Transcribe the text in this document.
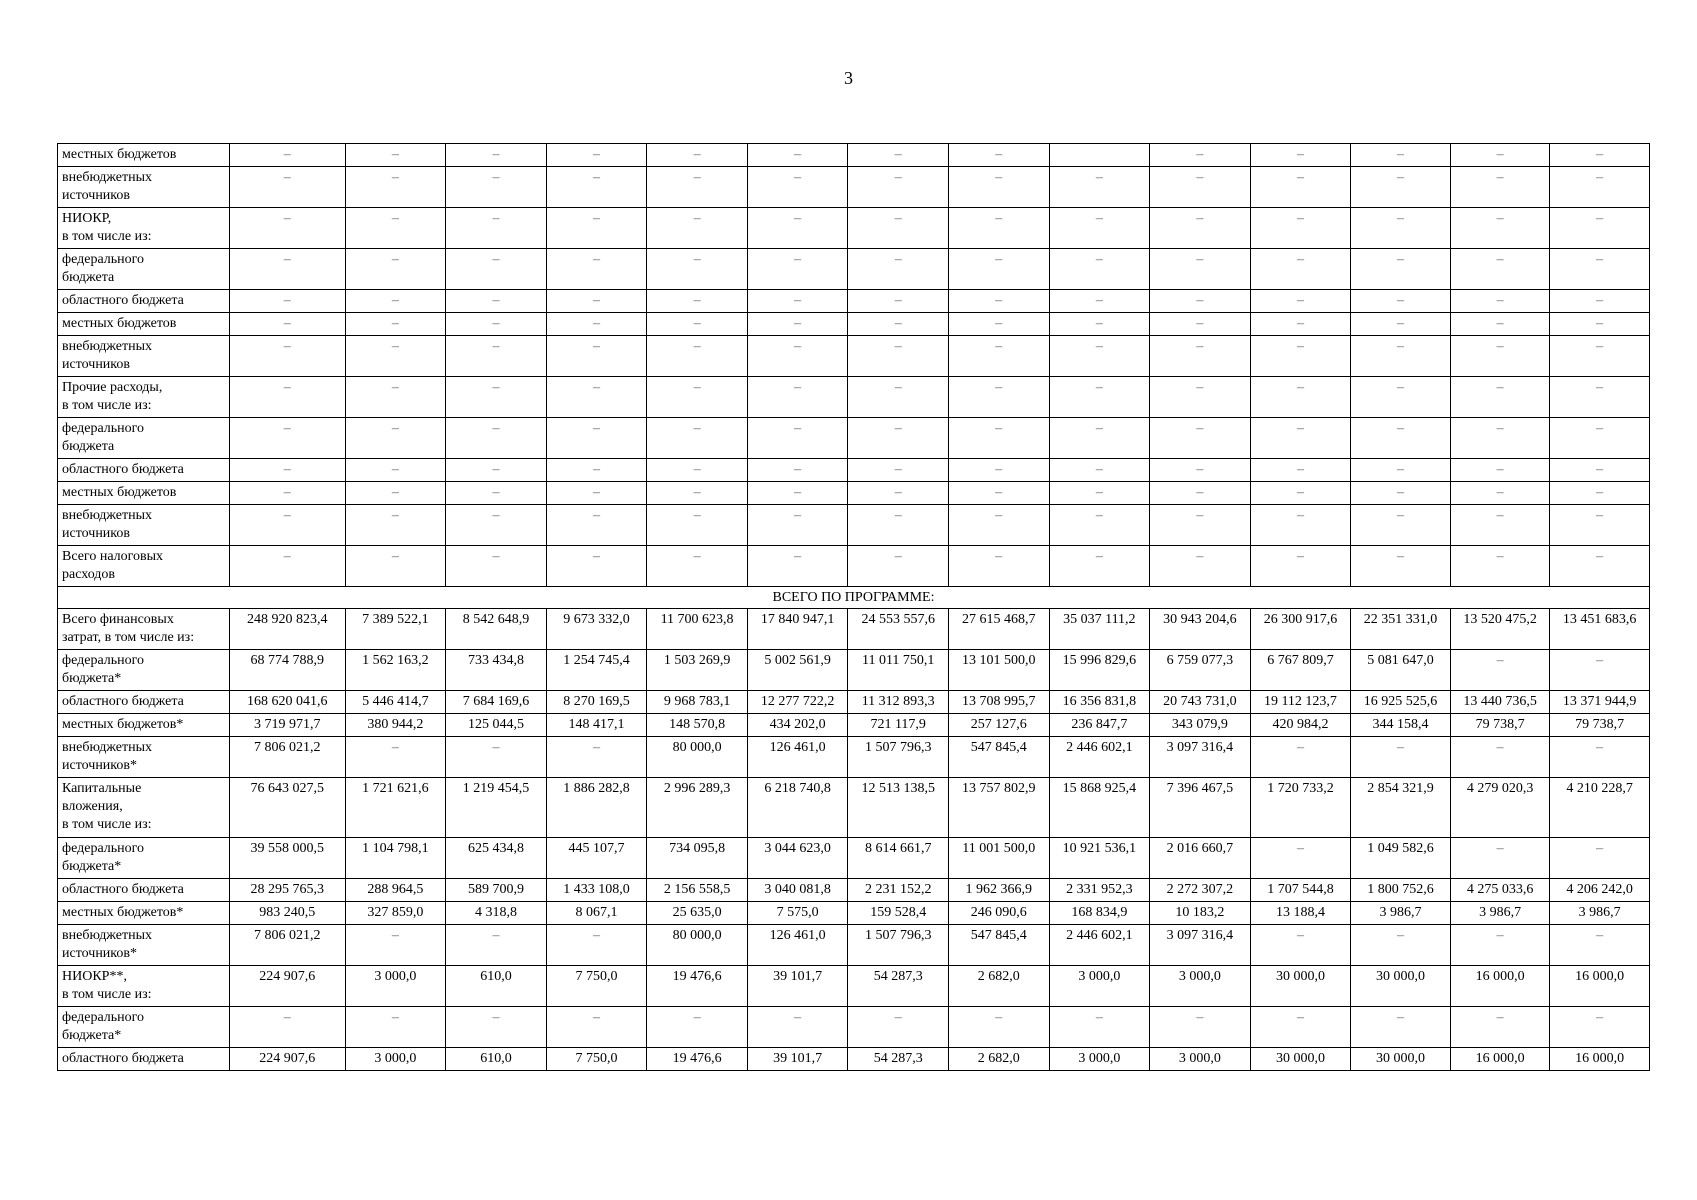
3
местных бюджетов	–	–	–	–	–	–	–	–		–	–	–	–	–
внебюджетных
источников	–	–	–	–	–	–	–	–	–	–	–	–	–	–
НИОКР,
в том числе из:	–	–	–	–	–	–	–	–	–	–	–	–	–	–
федерального
бюджета	–	–	–	–	–	–	–	–	–	–	–	–	–	–
областного бюджета	–	–	–	–	–	–	–	–	–	–	–	–	–	–
местных бюджетов	–	–	–	–	–	–	–	–	–	–	–	–	–	–
внебюджетных
источников	–	–	–	–	–	–	–	–	–	–	–	–	–	–
Прочие расходы,
в том числе из:	–	–	–	–	–	–	–	–	–	–	–	–	–	–
федерального
бюджета	–	–	–	–	–	–	–	–	–	–	–	–	–	–
областного бюджета	–	–	–	–	–	–	–	–	–	–	–	–	–	–
местных бюджетов	–	–	–	–	–	–	–	–	–	–	–	–	–	–
внебюджетных
источников	–	–	–	–	–	–	–	–	–	–	–	–	–	–
Всего налоговых
расходов	–	–	–	–	–	–	–	–	–	–	–	–	–	–
ВСЕГО ПО ПРОГРАММЕ:														
Всего финансовых
затрат, в том числе из:	248 920 823,4	7 389 522,1	8 542 648,9	9 673 332,0	11 700 623,8	17 840 947,1	24 553 557,6	27 615 468,7	35 037 111,2	30 943 204,6	26 300 917,6	22 351 331,0	13 520 475,2	13 451 683,6
федерального
бюджета*	68 774 788,9	1 562 163,2	733 434,8	1 254 745,4	1 503 269,9	5 002 561,9	11 011 750,1	13 101 500,0	15 996 829,6	6 759 077,3	6 767 809,7	5 081 647,0	–	–
областного бюджета	168 620 041,6	5 446 414,7	7 684 169,6	8 270 169,5	9 968 783,1	12 277 722,2	11 312 893,3	13 708 995,7	16 356 831,8	20 743 731,0	19 112 123,7	16 925 525,6	13 440 736,5	13 371 944,9
местных бюджетов*	3 719 971,7	380 944,2	125 044,5	148 417,1	148 570,8	434 202,0	721 117,9	257 127,6	236 847,7	343 079,9	420 984,2	344 158,4	79 738,7	79 738,7
внебюджетных
источников*	7 806 021,2	–	–	–	80 000,0	126 461,0	1 507 796,3	547 845,4	2 446 602,1	3 097 316,4	–	–	–	–
Капитальные
вложения,
в том числе из:	76 643 027,5	1 721 621,6	1 219 454,5	1 886 282,8	2 996 289,3	6 218 740,8	12 513 138,5	13 757 802,9	15 868 925,4	7 396 467,5	1 720 733,2	2 854 321,9	4 279 020,3	4 210 228,7
федерального
бюджета*	39 558 000,5	1 104 798,1	625 434,8	445 107,7	734 095,8	3 044 623,0	8 614 661,7	11 001 500,0	10 921 536,1	2 016 660,7	–	1 049 582,6	–	–
областного бюджета	28 295 765,3	288 964,5	589 700,9	1 433 108,0	2 156 558,5	3 040 081,8	2 231 152,2	1 962 366,9	2 331 952,3	2 272 307,2	1 707 544,8	1 800 752,6	4 275 033,6	4 206 242,0
местных бюджетов*	983 240,5	327 859,0	4 318,8	8 067,1	25 635,0	7 575,0	159 528,4	246 090,6	168 834,9	10 183,2	13 188,4	3 986,7	3 986,7	3 986,7
внебюджетных
источников*	7 806 021,2	–	–	–	80 000,0	126 461,0	1 507 796,3	547 845,4	2 446 602,1	3 097 316,4	–	–	–	–
НИОКР**,
в том числе из:	224 907,6	3 000,0	610,0	7 750,0	19 476,6	39 101,7	54 287,3	2 682,0	3 000,0	3 000,0	30 000,0	30 000,0	16 000,0	16 000,0
федерального
бюджета*	–	–	–	–	–	–	–	–	–	–	–	–	–	–
областного бюджета	224 907,6	3 000,0	610,0	7 750,0	19 476,6	39 101,7	54 287,3	2 682,0	3 000,0	3 000,0	30 000,0	30 000,0	16 000,0	16 000,0
